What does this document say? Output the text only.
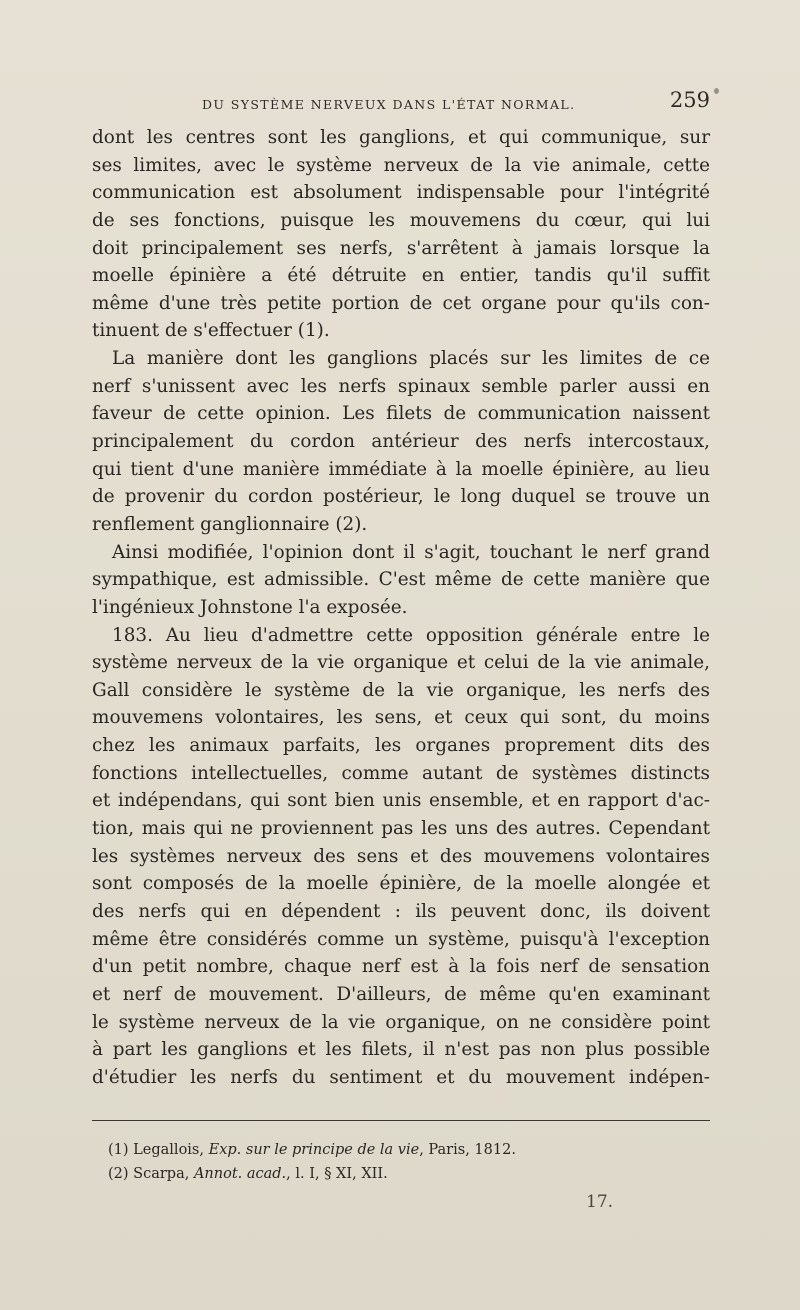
DU SYSTÈME NERVEUX DANS L'ÉTAT NORMAL.	259
dont les centres sont les ganglions, et qui communique, sur
ses limites, avec le système nerveux de la vie animale, cette
communication est absolument indispensable pour l'intégrité
de ses fonctions, puisque les mouvemens du cœur, qui lui
doit principalement ses nerfs, s'arrêtent à jamais lorsque la
moelle épinière a été détruite en entier, tandis qu'il suffit
même d'une très petite portion de cet organe pour qu'ils con-
tinuent de s'effectuer (1).
La manière dont les ganglions placés sur les limites de ce
nerf s'unissent avec les nerfs spinaux semble parler aussi en
faveur de cette opinion. Les filets de communication naissent
principalement du cordon antérieur des nerfs intercostaux,
qui tient d'une manière immédiate à la moelle épinière, au lieu
de provenir du cordon postérieur, le long duquel se trouve un
renflement ganglionnaire (2).
Ainsi modifiée, l'opinion dont il s'agit, touchant le nerf grand
sympathique, est admissible. C'est même de cette manière que
l'ingénieux Johnstone l'a exposée.
183. Au lieu d'admettre cette opposition générale entre le
système nerveux de la vie organique et celui de la vie animale,
Gall considère le système de la vie organique, les nerfs des
mouvemens volontaires, les sens, et ceux qui sont, du moins
chez les animaux parfaits, les organes proprement dits des
fonctions intellectuelles, comme autant de systèmes distincts
et indépendans, qui sont bien unis ensemble, et en rapport d'ac-
tion, mais qui ne proviennent pas les uns des autres. Cependant
les systèmes nerveux des sens et des mouvemens volontaires
sont composés de la moelle épinière, de la moelle alongée et
des nerfs qui en dépendent : ils peuvent donc, ils doivent
même être considérés comme un système, puisqu'à l'exception
d'un petit nombre, chaque nerf est à la fois nerf de sensation
et nerf de mouvement. D'ailleurs, de même qu'en examinant
le système nerveux de la vie organique, on ne considère point
à part les ganglions et les filets, il n'est pas non plus possible
d'étudier les nerfs du sentiment et du mouvement indépen-
(1) Legallois, Exp. sur le principe de la vie, Paris, 1812.
(2) Scarpa, Annot. acad., l. I, § XI, XII.
17.
